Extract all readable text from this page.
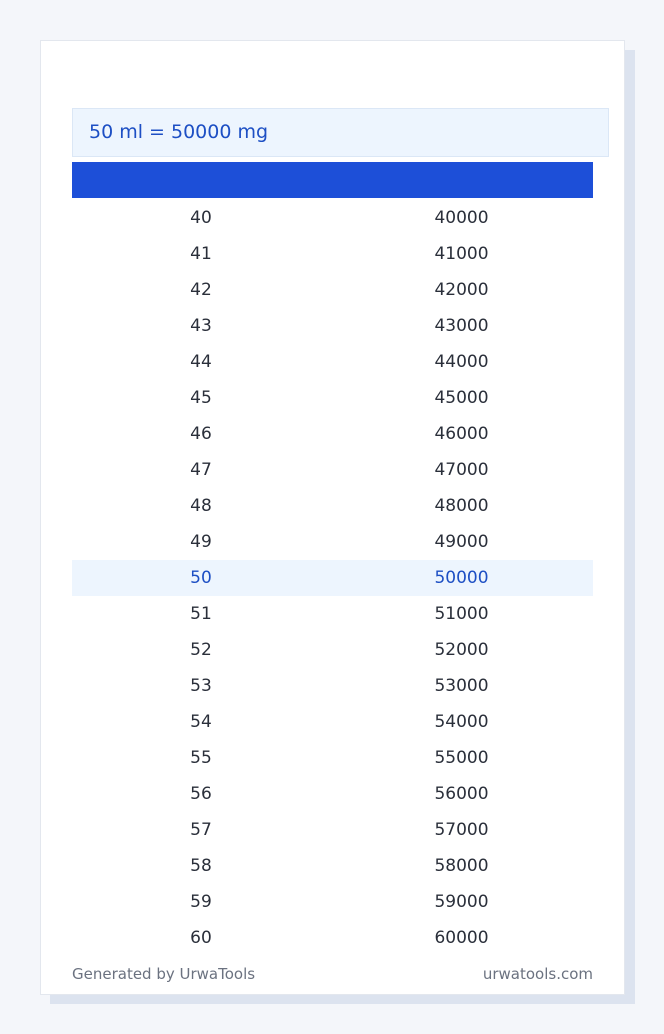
50 ml = 50000 mg
40	40000
41	41000
42	42000
43	43000
44	44000
45	45000
46	46000
47	47000
48	48000
49	49000
50	50000
51	51000
52	52000
53	53000
54	54000
55	55000
56	56000
57	57000
58	58000
59	59000
60	60000
Generated by UrwaTools	urwatools.com
